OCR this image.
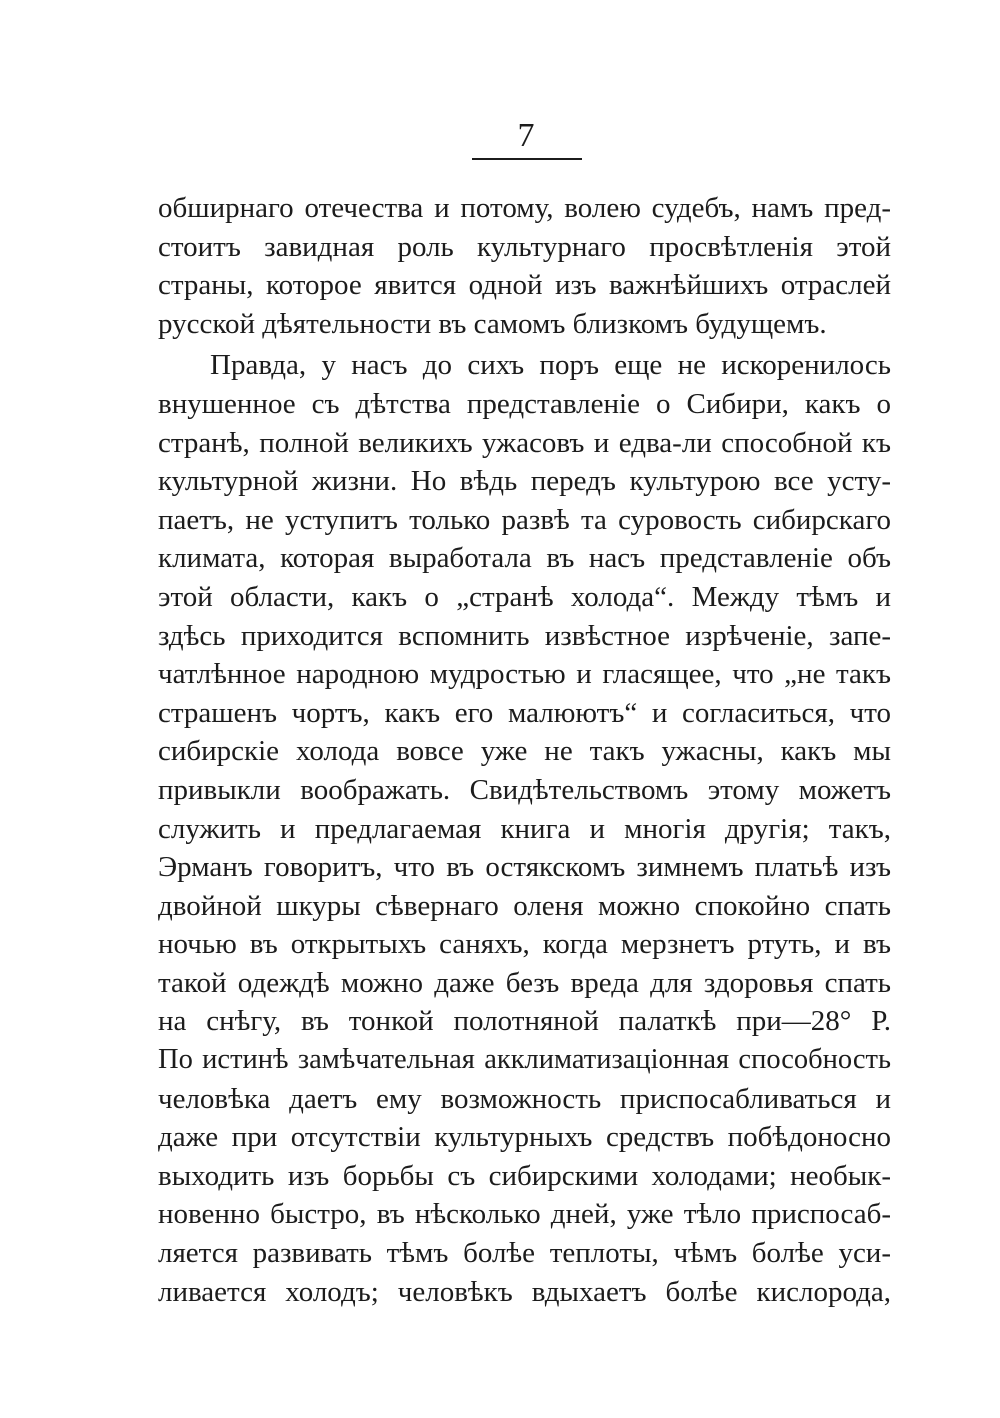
7
обширнаго отечества и потому, волею судебъ, намъ пред-
стоитъ завидная роль культурнаго просвѣтленія этой
страны, которое явится одной изъ важнѣйшихъ отраслей
русской дѣятельности въ самомъ близкомъ будущемъ.
Правда, у насъ до сихъ поръ еще не искоренилось
внушенное съ дѣтства представленіе о Сибири, какъ о
странѣ, полной великихъ ужасовъ и едва-ли способной къ
культурной жизни. Но вѣдь передъ культурою все усту-
паетъ, не уступитъ только развѣ та суровость сибирскаго
климата, которая выработала въ насъ представленіе объ
этой области, какъ о „странѣ холода“. Между тѣмъ и
здѣсь приходится вспомнить извѣстное изрѣченіе, запе-
чатлѣнное народною мудростью и гласящее, что „не такъ
страшенъ чортъ, какъ его малюютъ“ и согласиться, что
сибирскіе холода вовсе уже не такъ ужасны, какъ мы
привыкли воображать. Свидѣтельствомъ этому можетъ
служить и предлагаемая книга и многія другія; такъ,
Эрманъ говоритъ, что въ остякскомъ зимнемъ платьѣ изъ
двойной шкуры сѣвернаго оленя можно спокойно спать
ночью въ открытыхъ саняхъ, когда мерзнетъ ртуть, и въ
такой одеждѣ можно даже безъ вреда для здоровья спать
на снѣгу, въ тонкой полотняной палаткѣ при—28° Р.
По истинѣ замѣчательная акклиматизаціонная способность
человѣка даетъ ему возможность приспосабливаться и
даже при отсутствіи культурныхъ средствъ побѣдоносно
выходить изъ борьбы съ сибирскими холодами; необык-
новенно быстро, въ нѣсколько дней, уже тѣло приспосаб-
ляется развивать тѣмъ болѣе теплоты, чѣмъ болѣе уси-
ливается холодъ; человѣкъ вдыхаетъ болѣе кислорода,
